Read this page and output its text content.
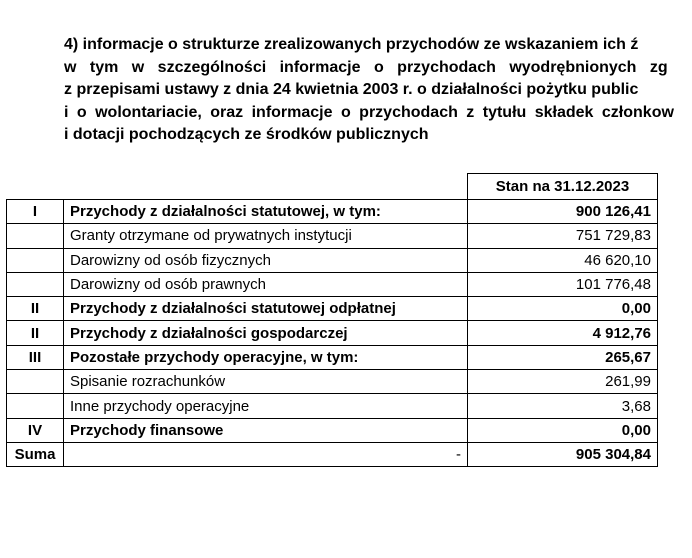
4) informacje o strukturze zrealizowanych przychodów ze wskazaniem ich ź
w tym w szczególności informacje o przychodach wyodrębnionych zg
z przepisami ustawy z dnia 24 kwietnia 2003 r. o działalności pożytku public
i o wolontariacie, oraz informacje o przychodach z tytułu składek członkow
i dotacji pochodzących ze środków publicznych
		Stan na 31.12.2023
I	Przychody z działalności statutowej, w tym:	900 126,41
	Granty otrzymane od prywatnych instytucji	751 729,83
	Darowizny od osób fizycznych	46 620,10
	Darowizny od osób prawnych	101 776,48
II	Przychody z działalności statutowej odpłatnej	0,00
II	Przychody z działalności gospodarczej	4 912,76
III	Pozostałe przychody operacyjne, w tym:	265,67
	Spisanie rozrachunków	261,99
	Inne przychody operacyjne	3,68
IV	Przychody finansowe	0,00
Suma	-	905 304,84
